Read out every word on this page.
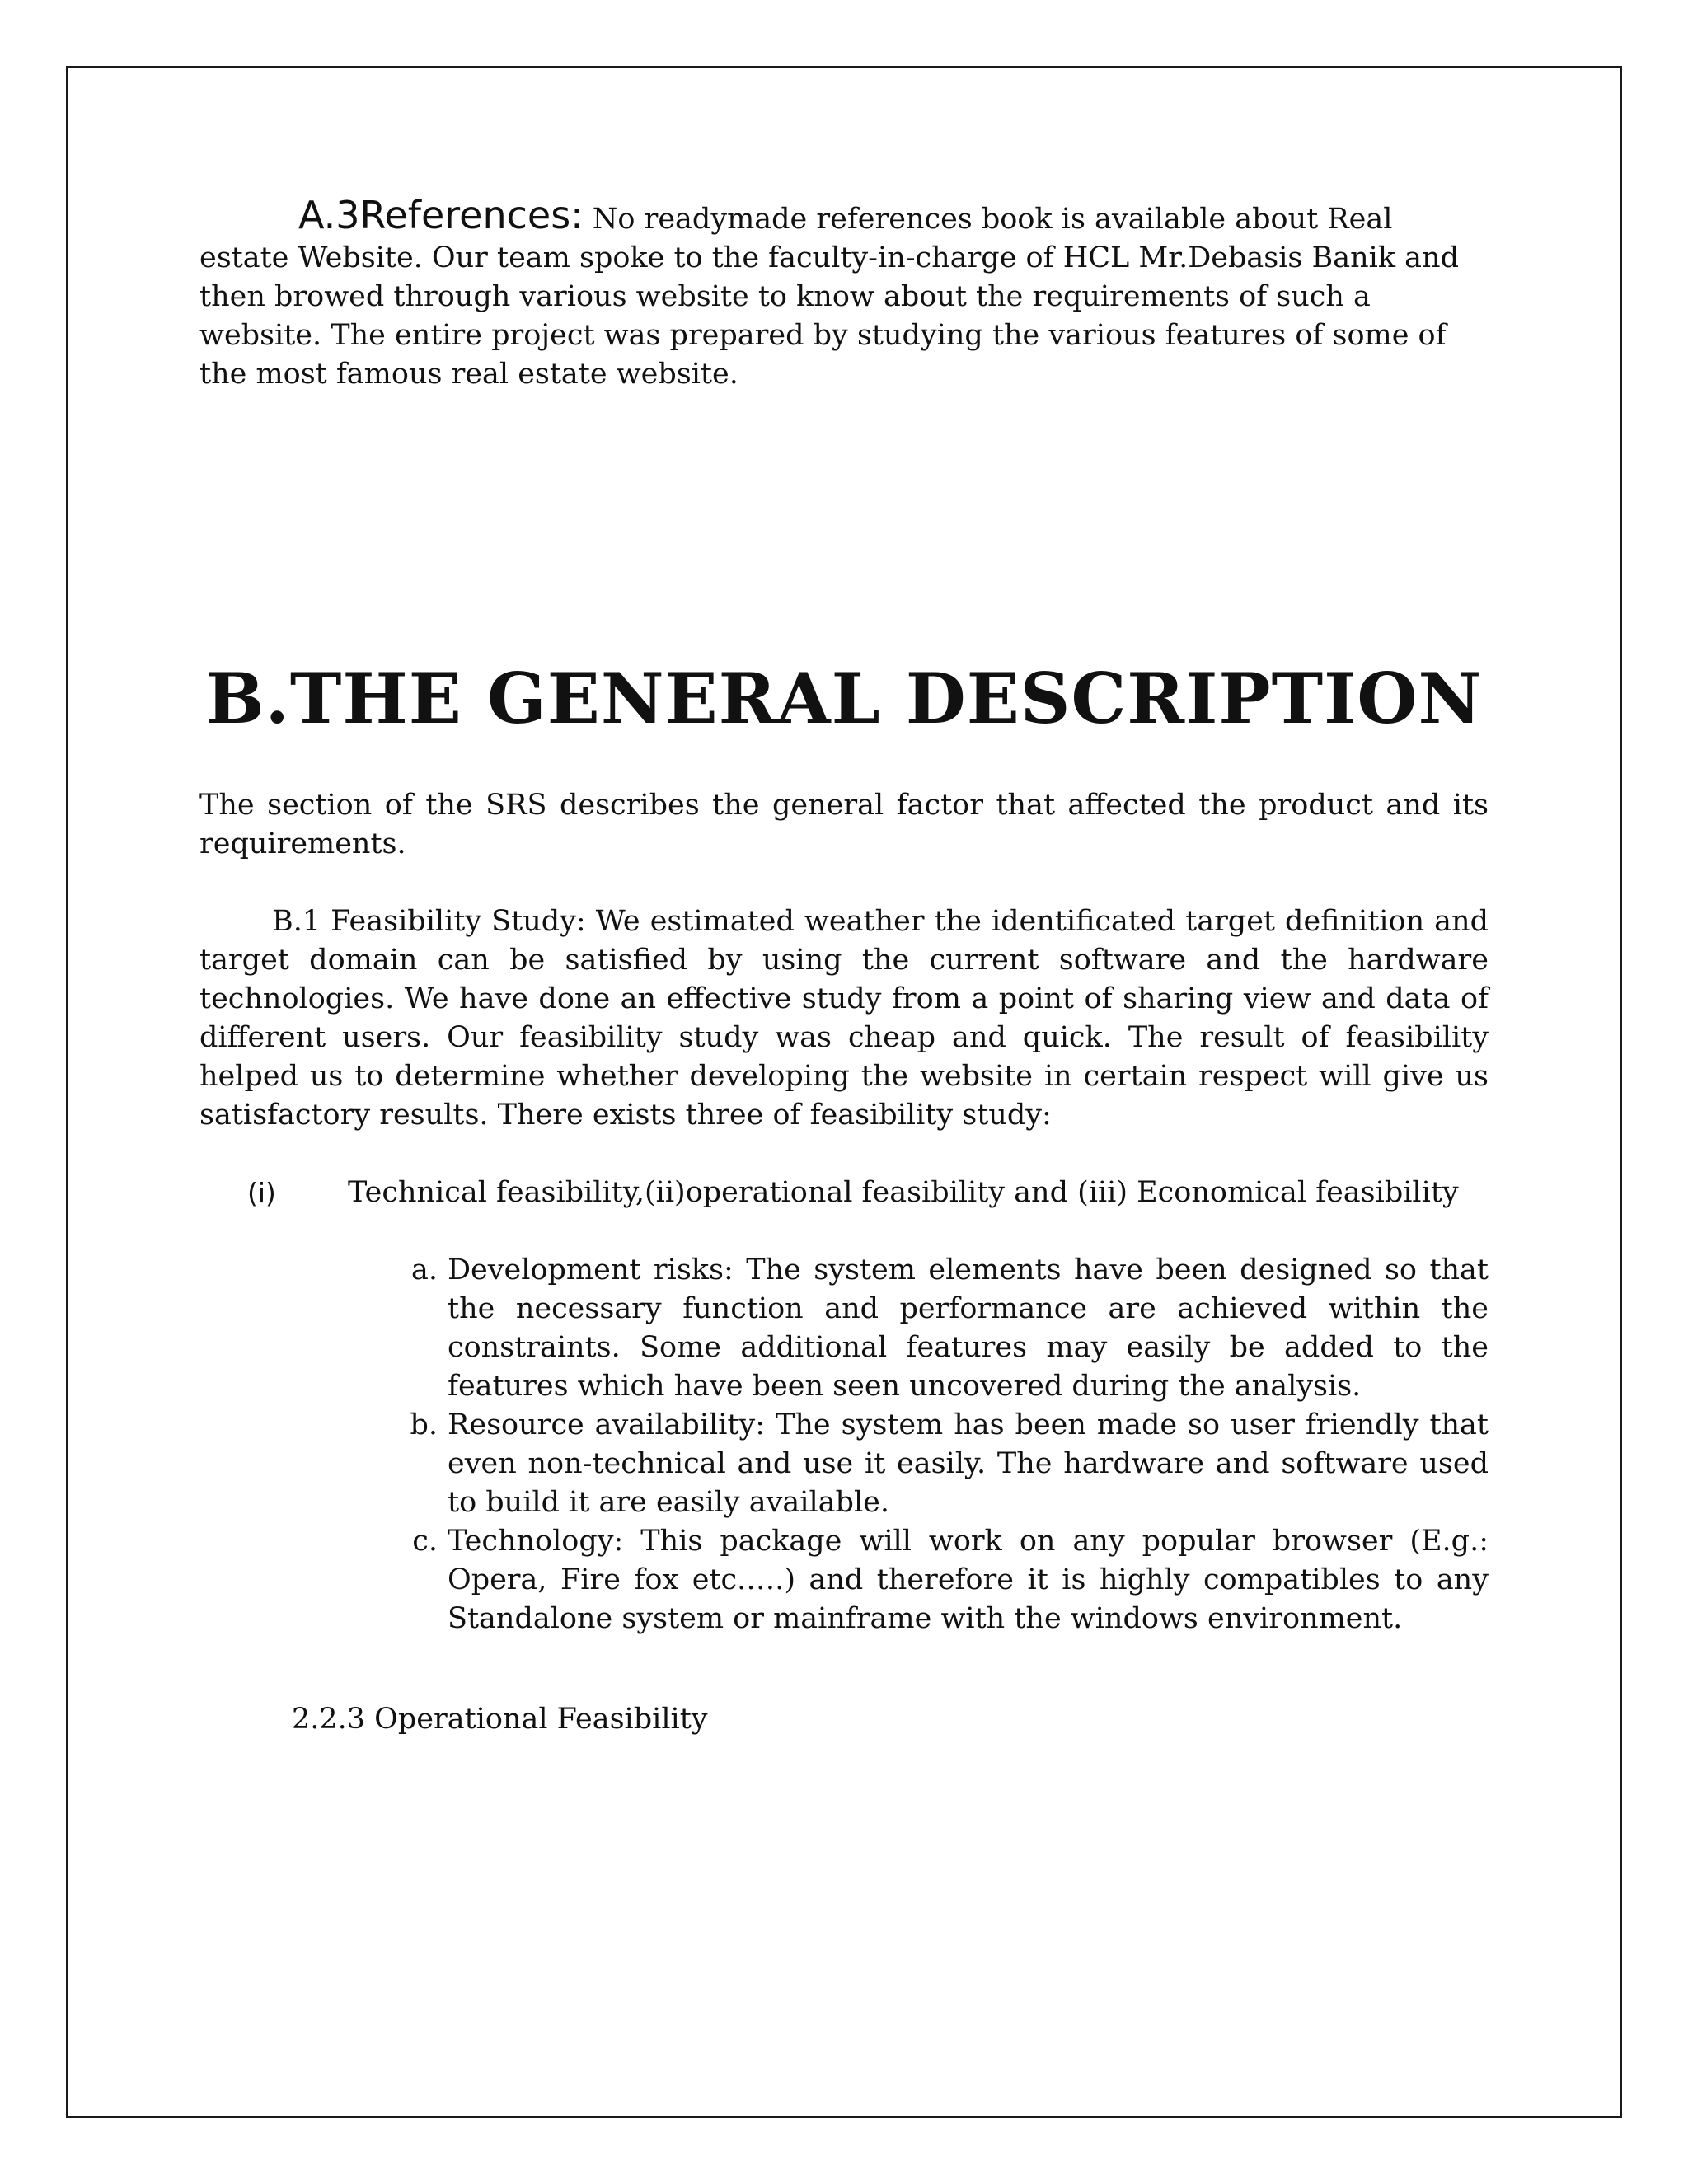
A.3References: No readymade references book is available about Real estate Website. Our team spoke to the faculty-in-charge of HCL Mr.Debasis Banik and then browed through various website to know about the requirements of such a website. The entire project was prepared by studying the various features of some of the most famous real estate website.

B.THE GENERAL DESCRIPTION

The section of the SRS describes the general factor that affected the product and its requirements.

B.1 Feasibility Study: We estimated weather the identificated target definition and target domain can be satisfied by using the current software and the hardware technologies. We have done an effective study from a point of sharing view and data of different users. Our feasibility study was cheap and quick. The result of feasibility helped us to determine whether developing the website in certain respect will give us satisfactory results. There exists three of feasibility study:

(i)	Technical feasibility,(ii)operational feasibility and (iii) Economical feasibility
a. Development risks: The system elements have been designed so that the necessary function and performance are achieved within the constraints. Some additional features may easily be added to the features which have been seen uncovered during the analysis.
b. Resource availability: The system has been made so user friendly that even non-technical and use it easily. The hardware and software used to build it are easily available.
c. Technology: This package will work on any popular browser (E.g.: Opera, Fire fox etc.….) and therefore it is highly compatibles to any Standalone system or mainframe with the windows environment.

2.2.3 Operational Feasibility
